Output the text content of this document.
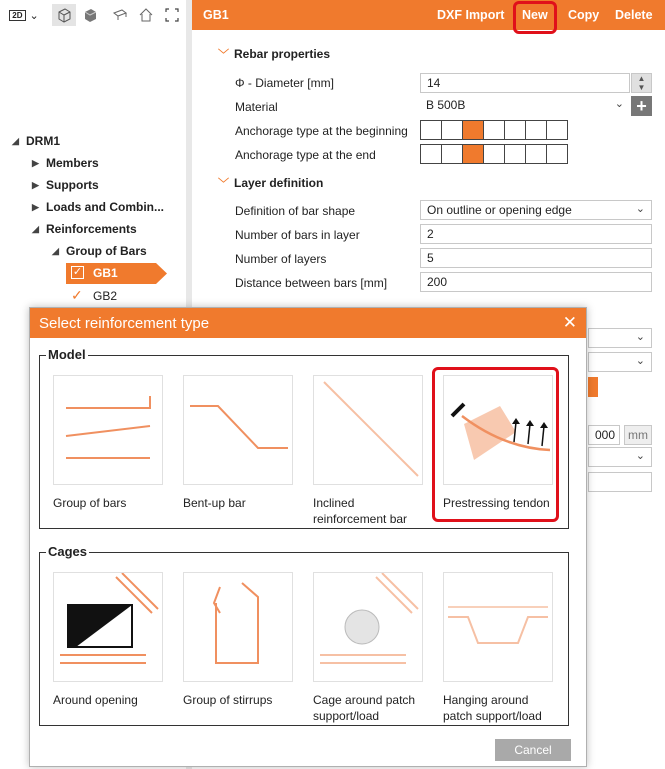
2D ⌄
◢ DRM1
▶ Members
▶ Supports
▶ Loads and Combin...
◢ Reinforcements
◢ Group of Bars
✓ GB1
✓ GB2
GB1	DXF Import New Copy Delete
﹀ Rebar properties
Φ - Diameter [mm]	14	▲
▼
Material	B 500B	⌄ +
Anchorage type at the beginning
Anchorage type at the end
﹀ Layer definition
Definition of bar shape	On outline or opening edge	⌄
Number of bars in layer	2
Number of layers	5
Distance between bars [mm]	200
⌄
⌄
000	mm
⌄
Select reinforcement type	✕
Model
Group of bars	Bent-up bar	Inclined reinforcement bar
Prestressing tendon
Cages
Around opening	Group of stirrups	Cage around patch support/load
Hanging around patch support/load
Cancel
